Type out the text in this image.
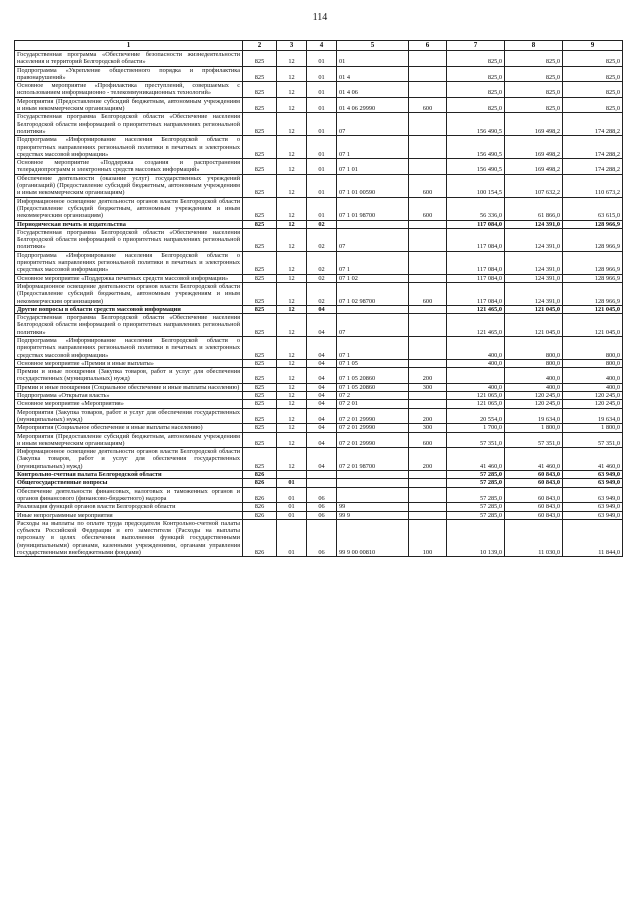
114
1	2	3	4	5	6	7	8	9
Государственная программа «Обеспечение безопасности жизнедеятельности населения и территорий Белгородской области»	825	12	01	01		825,0	825,0	825,0
Подпрограмма «Укрепление общественного порядка и профилактика правонарушений»	825	12	01	01 4		825,0	825,0	825,0
Основное мероприятие «Профилактика преступлений, совершаемых с использованием информационно - телекоммуникационных технологий»	825	12	01	01 4 06		825,0	825,0	825,0
Мероприятия (Предоставление субсидий бюджетным, автономным учреждениям и иным некоммерческим организациям)	825	12	01	01 4 06 29990	600	825,0	825,0	825,0
Государственная программа Белгородской области «Обеспечение населения Белгородской области информацией о приоритетных направлениях региональной политики»	825	12	01	07		156 490,5	169 498,2	174 288,2
Подпрограмма «Информирование населения Белгородской области о приоритетных направлениях региональной политики в печатных и электронных средствах массовой информации»	825	12	01	07 1		156 490,5	169 498,2	174 288,2
Основное мероприятие «Поддержка создания и распространения телерадиопрограмм и электронных средств массовых информаций»	825	12	01	07 1 01		156 490,5	169 498,2	174 288,2
Обеспечение деятельности (оказание услуг) государственных учреждений (организаций) (Предоставление субсидий бюджетным, автономным учреждениям и иным некоммерческим организациям)	825	12	01	07 1 01 00590	600	100 154,5	107 632,2	110 673,2
Информационное освещение деятельности органов власти Белгородской области (Предоставление субсидий бюджетным, автономным учреждениям и иным некоммерческим организациям)	825	12	01	07 1 01 98700	600	56 336,0	61 866,0	63 615,0
Периодическая печать и издательства	825	12	02			117 084,0	124 391,0	128 966,9
Государственная программа Белгородской области «Обеспечение населения Белгородской области информацией о приоритетных направлениях региональной политики»	825	12	02	07		117 084,0	124 391,0	128 966,9
Подпрограмма «Информирование населения Белгородской области о приоритетных направлениях региональной политики в печатных и электронных средствах массовой информации»	825	12	02	07 1		117 084,0	124 391,0	128 966,9
Основное мероприятие «Поддержка печатных средств массовой информации»	825	12	02	07 1 02		117 084,0	124 391,0	128 966,9
Информационное освещение деятельности органов власти Белгородской области (Предоставление субсидий бюджетным, автономным учреждениям и иным некоммерческим организациям)	825	12	02	07 1 02 98700	600	117 084,0	124 391,0	128 966,9
Другие вопросы в области средств массовой информации	825	12	04			121 465,0	121 045,0	121 045,0
Государственная программа Белгородской области «Обеспечение населения Белгородской области информацией о приоритетных направлениях региональной политики»	825	12	04	07		121 465,0	121 045,0	121 045,0
Подпрограмма «Информирование населения Белгородской области о приоритетных направлениях региональной политики в печатных и электронных средствах массовой информации»	825	12	04	07 1		400,0	800,0	800,0
Основное мероприятие «Премии и иные выплаты»	825	12	04	07 1 05		400,0	800,0	800,0
Премии и иные поощрения (Закупка товаров, работ и услуг для обеспечения государственных (муниципальных) нужд)	825	12	04	07 1 05 20860	200		400,0	400,0
Премии и иные поощрения (Социальное обеспечение и иные выплаты населению)	825	12	04	07 1 05 20860	300	400,0	400,0	400,0
Подпрограмма «Открытая власть»	825	12	04	07 2		121 065,0	120 245,0	120 245,0
Основное мероприятие «Мероприятия»	825	12	04	07 2 01		121 065,0	120 245,0	120 245,0
Мероприятия (Закупка товаров, работ и услуг для обеспечения государственных (муниципальных) нужд)	825	12	04	07 2 01 29990	200	20 554,0	19 634,0	19 634,0
Мероприятия (Социальное обеспечение и иные выплаты населению)	825	12	04	07 2 01 29990	300	1 700,0	1 800,0	1 800,0
Мероприятия (Предоставление субсидий бюджетным, автономным учреждениям и иным некоммерческим организациям)	825	12	04	07 2 01 29990	600	57 351,0	57 351,0	57 351,0
Информационное освещение деятельности органов власти Белгородской области (Закупка товаров, работ и услуг для обеспечения государственных (муниципальных) нужд)	825	12	04	07 2 01 98700	200	41 460,0	41 460,0	41 460,0
Контрольно-счетная палата Белгородской области	826					57 285,0	60 843,0	63 949,0
Общегосударственные вопросы	826	01				57 285,0	60 843,0	63 949,0
Обеспечение деятельности финансовых, налоговых и таможенных органов и органов финансового (финансово-бюджетного) надзора	826	01	06			57 285,0	60 843,0	63 949,0
Реализация функций органов власти Белгородской области	826	01	06	99		57 285,0	60 843,0	63 949,0
Иные непрограммные мероприятия	826	01	06	99 9		57 285,0	60 843,0	63 949,0
Расходы на выплаты по оплате труда председателя Контрольно-счетной палаты субъекта Российской Федерации и его заместителя (Расходы на выплаты персоналу в целях обеспечения выполнения функций государственными (муниципальными) органами, казенными учреждениями, органами управления государственными внебюджетными фондами)	826	01	06	99 9 00 00810	100	10 139,0	11 030,0	11 844,0
